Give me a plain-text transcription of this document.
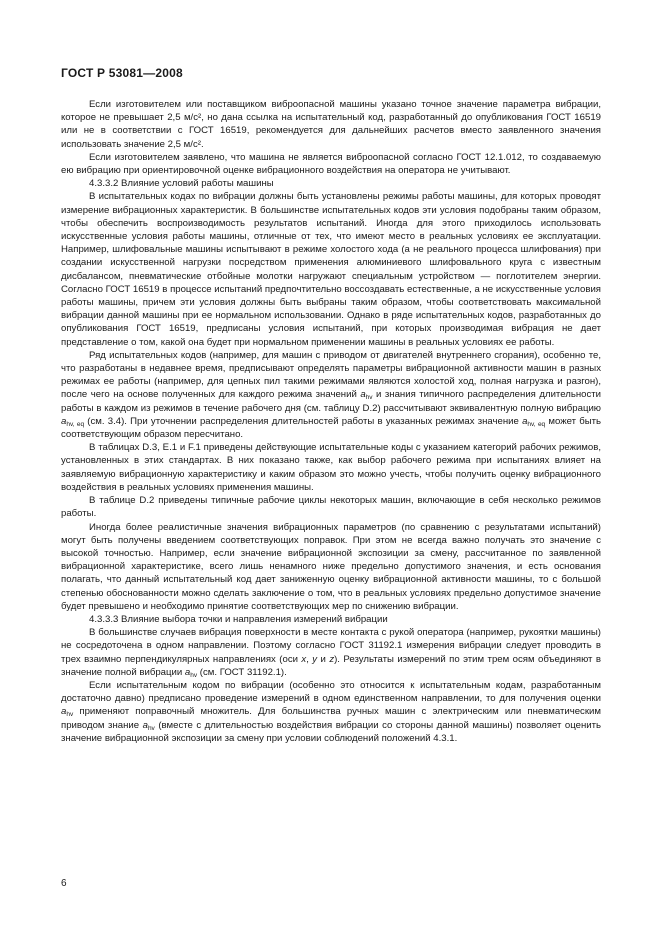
ГОСТ Р 53081—2008

Если изготовителем или поставщиком виброопасной машины указано точное значение параметра вибрации, которое не превышает 2,5 м/с², но дана ссылка на испытательный код, разработанный до опубликования ГОСТ 16519 или не в соответствии с ГОСТ 16519, рекомендуется для дальнейших расчетов вместо заявленного значения использовать значение 2,5 м/с².

Если изготовителем заявлено, что машина не является виброопасной согласно ГОСТ 12.1.012, то создаваемую ею вибрацию при ориентировочной оценке вибрационного воздействия на оператора не учитывают.

4.3.3.2 Влияние условий работы машины

В испытательных кодах по вибрации должны быть установлены режимы работы машины, для которых проводят измерение вибрационных характеристик. В большинстве испытательных кодов эти условия подобраны таким образом, чтобы обеспечить воспроизводимость результатов испытаний. Иногда для этого приходилось использовать искусственные условия работы машины, отличные от тех, что имеют место в реальных условиях ее эксплуатации. Например, шлифовальные машины испытывают в режиме холостого хода (а не реального процесса шлифования) при создании искусственной нагрузки посредством применения алюминиевого шлифовального круга с известным дисбалансом, пневматические отбойные молотки нагружают специальным устройством — поглотителем энергии. Согласно ГОСТ 16519 в процессе испытаний предпочтительно воссоздавать естественные, а не искусственные условия работы машины, причем эти условия должны быть выбраны таким образом, чтобы соответствовать максимальной вибрации данной машины при ее нормальном использовании. Однако в ряде испытательных кодов, разработанных до опубликования ГОСТ 16519, предписаны условия испытаний, при которых производимая вибрация не дает представление о том, какой она будет при нормальном применении машины в реальных условиях ее работы.

Ряд испытательных кодов (например, для машин с приводом от двигателей внутреннего сгорания), особенно те, что разработаны в недавнее время, предписывают определять параметры вибрационной активности машин в разных режимах ее работы (например, для цепных пил такими режимами являются холостой ход, полная нагрузка и разгон), после чего на основе полученных для каждого режима значений $a_{hv}$ и знания типичного распределения длительности работы в каждом из режимов в течение рабочего дня (см. таблицу D.2) рассчитывают эквивалентную полную вибрацию $a_{hv, eq}$ (см. 3.4). При уточнении распределения длительностей работы в указанных режимах значение $a_{hv, eq}$ может быть соответствующим образом пересчитано.

В таблицах D.3, Е.1 и F.1 приведены действующие испытательные коды с указанием категорий рабочих режимов, установленных в этих стандартах. В них показано также, как выбор рабочего режима при испытаниях влияет на заявляемую вибрационную характеристику и каким образом это можно учесть, чтобы получить оценку вибрационного воздействия в реальных условиях применения машины.

В таблице D.2 приведены типичные рабочие циклы некоторых машин, включающие в себя несколько режимов работы.

Иногда более реалистичные значения вибрационных параметров (по сравнению с результатами испытаний) могут быть получены введением соответствующих поправок. При этом не всегда важно получать это значение с высокой точностью. Например, если значение вибрационной экспозиции за смену, рассчитанное по заявленной вибрационной характеристике, всего лишь ненамного ниже предельно допустимого значения, и есть основания полагать, что данный испытательный код дает заниженную оценку вибрационной активности машины, то с большой степенью обоснованности можно сделать заключение о том, что в реальных условиях предельно допустимое значение будет превышено и необходимо принятие соответствующих мер по снижению вибрации.

4.3.3.3 Влияние выбора точки и направления измерений вибрации

В большинстве случаев вибрация поверхности в месте контакта с рукой оператора (например, рукоятки машины) не сосредоточена в одном направлении. Поэтому согласно ГОСТ 31192.1 измерения вибрации следует проводить в трех взаимно перпендикулярных направлениях (оси x, y и z). Результаты измерений по этим трем осям объединяют в значение полной вибрации $a_{hv}$ (см. ГОСТ 31192.1).

Если испытательным кодом по вибрации (особенно это относится к испытательным кодам, разработанным достаточно давно) предписано проведение измерений в одном единственном направлении, то для получения оценки $a_{hv}$ применяют поправочный множитель. Для большинства ручных машин с электрическим или пневматическим приводом знание $a_{hv}$ (вместе с длительностью воздействия вибрации со стороны данной машины) позволяет оценить значение вибрационной экспозиции за смену при условии соблюдений положений 4.3.1.

6
